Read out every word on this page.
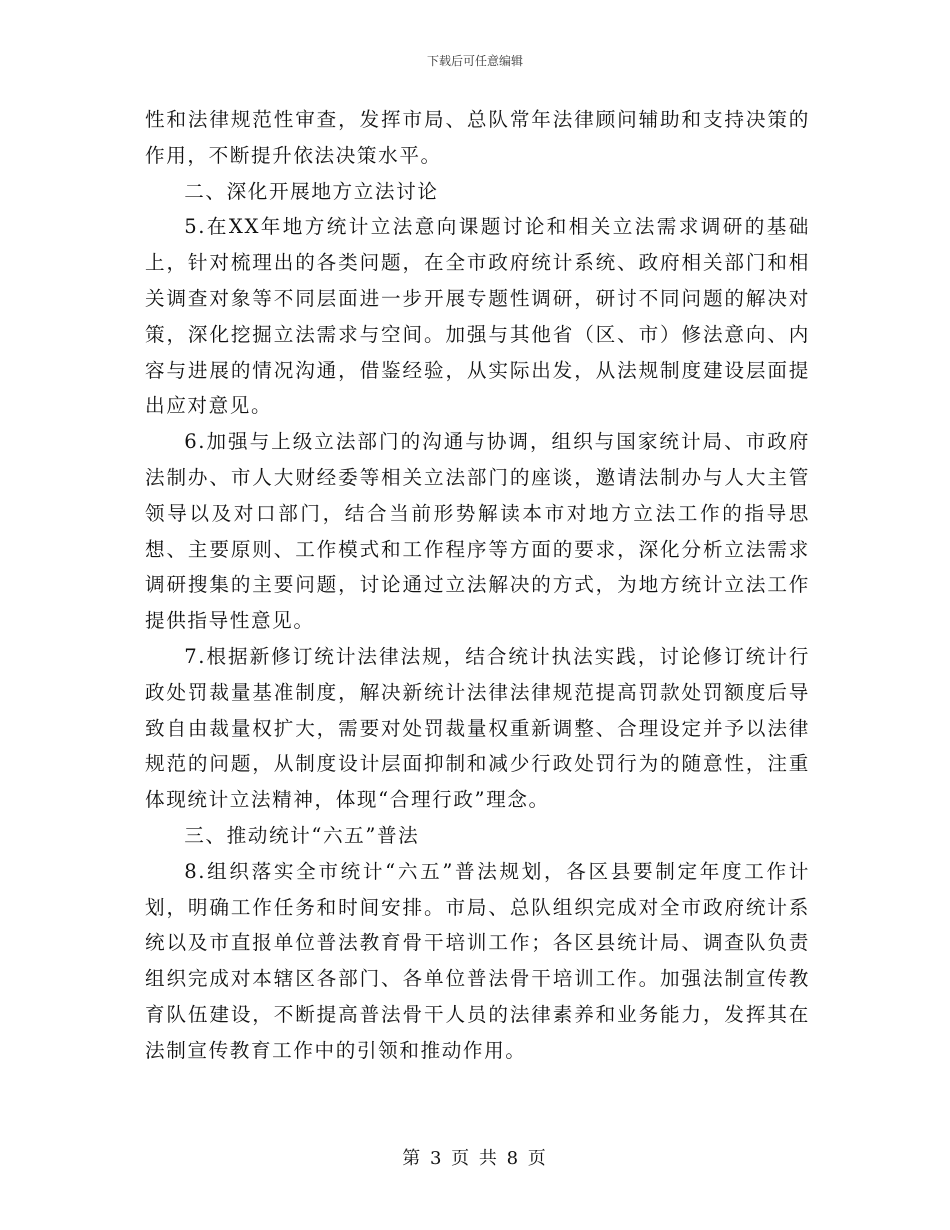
下载后可任意编辑

性和法律规范性审查，发挥市局、总队常年法律顾问辅助和支持决策的作用，不断提升依法决策水平。

二、深化开展地方立法讨论

5.在XX年地方统计立法意向课题讨论和相关立法需求调研的基础上，针对梳理出的各类问题，在全市政府统计系统、政府相关部门和相关调查对象等不同层面进一步开展专题性调研，研讨不同问题的解决对策，深化挖掘立法需求与空间。加强与其他省（区、市）修法意向、内容与进展的情况沟通，借鉴经验，从实际出发，从法规制度建设层面提出应对意见。

6.加强与上级立法部门的沟通与协调，组织与国家统计局、市政府法制办、市人大财经委等相关立法部门的座谈，邀请法制办与人大主管领导以及对口部门，结合当前形势解读本市对地方立法工作的指导思想、主要原则、工作模式和工作程序等方面的要求，深化分析立法需求调研搜集的主要问题，讨论通过立法解决的方式，为地方统计立法工作提供指导性意见。

7.根据新修订统计法律法规，结合统计执法实践，讨论修订统计行政处罚裁量基准制度，解决新统计法律法律规范提高罚款处罚额度后导致自由裁量权扩大，需要对处罚裁量权重新调整、合理设定并予以法律规范的问题，从制度设计层面抑制和减少行政处罚行为的随意性，注重体现统计立法精神，体现“合理行政”理念。

三、推动统计“六五”普法

8.组织落实全市统计“六五”普法规划，各区县要制定年度工作计划，明确工作任务和时间安排。市局、总队组织完成对全市政府统计系统以及市直报单位普法教育骨干培训工作；各区县统计局、调查队负责组织完成对本辖区各部门、各单位普法骨干培训工作。加强法制宣传教育队伍建设，不断提高普法骨干人员的法律素养和业务能力，发挥其在法制宣传教育工作中的引领和推动作用。

第 3 页 共 8 页
